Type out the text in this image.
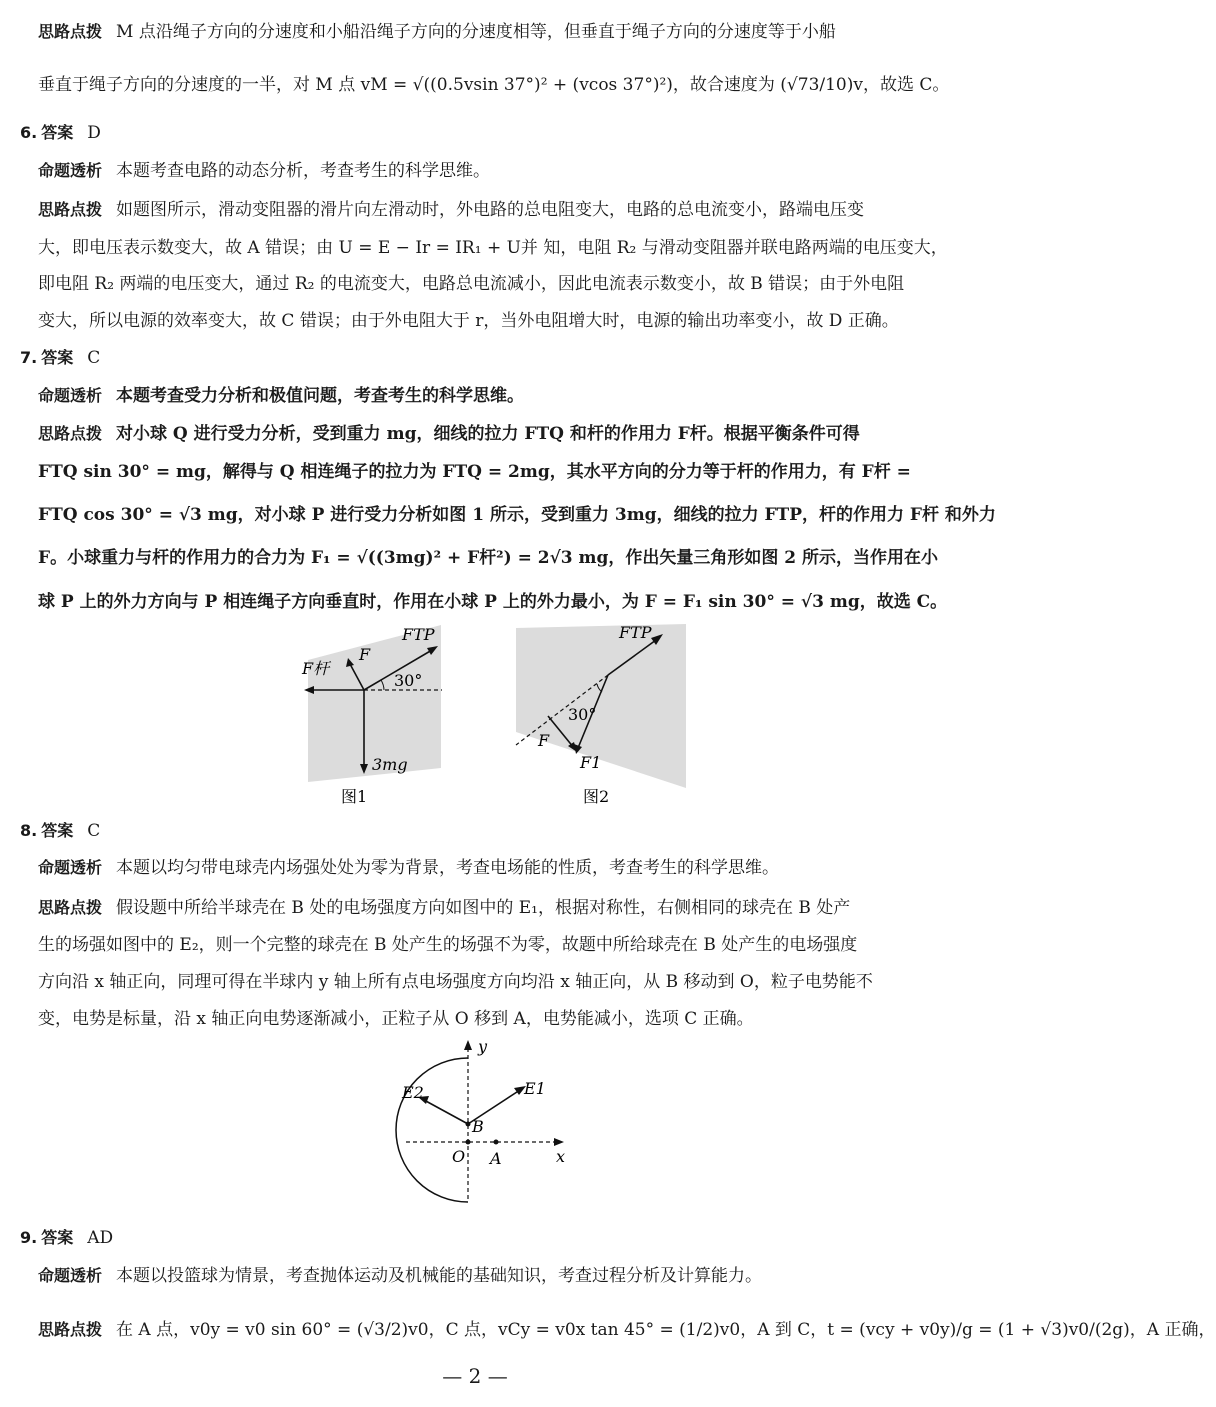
思路点拨 M 点沿绳子方向的分速度和小船沿绳子方向的分速度相等，但垂直于绳子方向的分速度等于小船
垂直于绳子方向的分速度的一半，对 M 点 vM = √((0.5vsin 37°)² + (vcos 37°)²)，故合速度为 (√73/10)v，故选 C。
6. 答案 D
命题透析 本题考查电路的动态分析，考查考生的科学思维。
思路点拨 如题图所示，滑动变阻器的滑片向左滑动时，外电路的总电阻变大，电路的总电流变小，路端电压变
大，即电压表示数变大，故 A 错误；由 U = E − Ir = IR₁ + U并 知，电阻 R₂ 与滑动变阻器并联电路两端的电压变大，
即电阻 R₂ 两端的电压变大，通过 R₂ 的电流变大，电路总电流减小，因此电流表示数变小，故 B 错误；由于外电阻
变大，所以电源的效率变大，故 C 错误；由于外电阻大于 r，当外电阻增大时，电源的输出功率变小，故 D 正确。
7. 答案 C
命题透析 本题考查受力分析和极值问题，考查考生的科学思维。
思路点拨 对小球 Q 进行受力分析，受到重力 mg，细线的拉力 FTQ 和杆的作用力 F杆。根据平衡条件可得
FTQ sin 30° = mg，解得与 Q 相连绳子的拉力为 FTQ = 2mg，其水平方向的分力等于杆的作用力，有 F杆 =
FTQ cos 30° = √3 mg，对小球 P 进行受力分析如图 1 所示，受到重力 3mg，细线的拉力 FTP，杆的作用力 F杆 和外力
F。小球重力与杆的作用力的合力为 F₁ = √((3mg)² + F杆²) = 2√3 mg，作出矢量三角形如图 2 所示，当作用在小
球 P 上的外力方向与 P 相连绳子方向垂直时，作用在小球 P 上的外力最小，为 F = F₁ sin 30° = √3 mg，故选 C。
FTP
F
F杆
30°
3mg
图1
FTP
30°
F
F1
图2
8. 答案 C
命题透析 本题以均匀带电球壳内场强处处为零为背景，考查电场能的性质，考查考生的科学思维。
思路点拨 假设题中所给半球壳在 B 处的电场强度方向如图中的 E₁，根据对称性，右侧相同的球壳在 B 处产
生的场强如图中的 E₂，则一个完整的球壳在 B 处产生的场强不为零，故题中所给球壳在 B 处产生的电场强度
方向沿 x 轴正向，同理可得在半球内 y 轴上所有点电场强度方向均沿 x 轴正向，从 B 移动到 O，粒子电势能不
变，电势是标量，沿 x 轴正向电势逐渐减小，正粒子从 O 移到 A，电势能减小，选项 C 正确。
y
x
E1
E2
B
O A
9. 答案 AD
命题透析 本题以投篮球为情景，考查抛体运动及机械能的基础知识，考查过程分析及计算能力。
思路点拨 在 A 点，v0y = v0 sin 60° = (√3/2)v0，C 点，vCy = v0x tan 45° = (1/2)v0，A 到 C，t = (vcy + v0y)/g = (1 + √3)v0/(2g)，A 正确，
— 2 —
